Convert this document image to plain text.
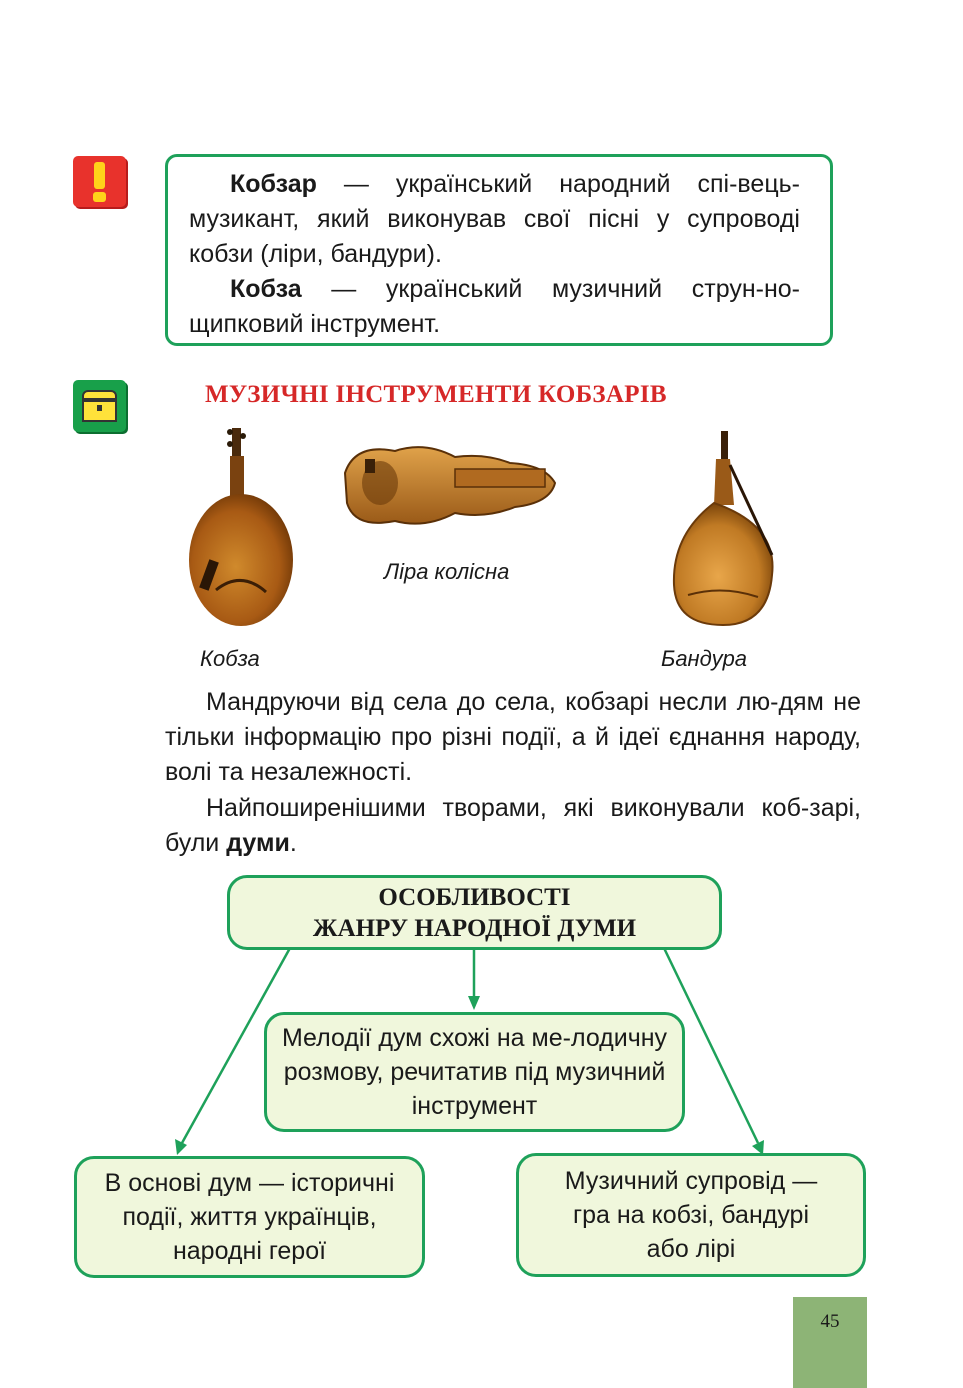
Кобзар — український народний спі-вець-музикант, який виконував свої пісні у супроводі кобзи (ліри, бандури).

Кобза — український музичний струн-но-щипковий інструмент.

МУЗИЧНІ ІНСТРУМЕНТИ КОБЗАРІВ
Ліра колісна
Кобза	Бандура

Мандруючи від села до села, кобзарі несли лю-дям не тільки інформацію про різні події, а й ідеї єднання народу, волі та незалежності.

Найпоширенішими творами, які виконували коб-зарі, були думи.

ОСОБЛИВОСТІ
ЖАНРУ НАРОДНОЇ ДУМИ
Мелодії дум схожі на ме-лодичну розмову, речитатив під музичний інструмент
В основі дум — історичні події, життя українців, народні герої
Музичний супровід — гра на кобзі, бандурі або лірі
45
